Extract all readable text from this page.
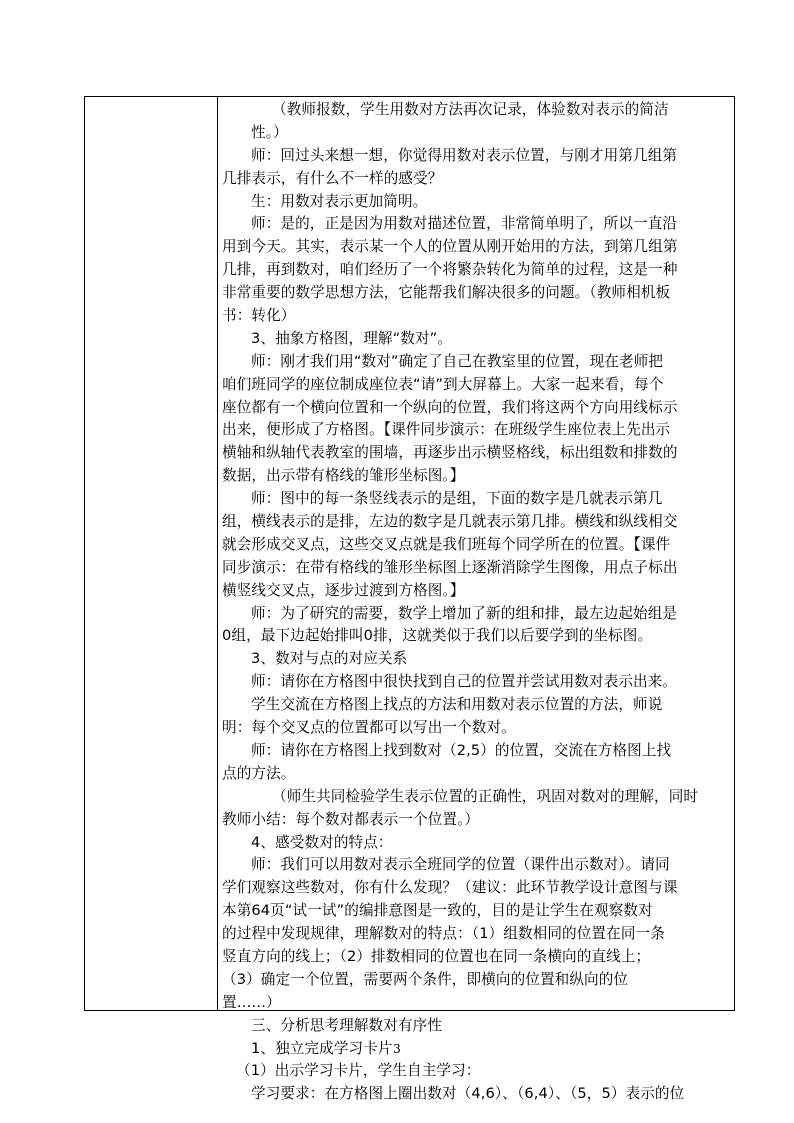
（教师报数，学生用数对方法再次记录，体验数对表示的简洁
性。）
师：回过头来想一想，你觉得用数对表示位置，与刚才用第几组第
几排表示，有什么不一样的感受？
生：用数对表示更加简明。
师：是的，正是因为用数对描述位置，非常简单明了，所以一直沿
用到今天。其实，表示某一个人的位置从刚开始用的方法，到第几组第
几排，再到数对，咱们经历了一个将繁杂转化为简单的过程，这是一种
非常重要的数学思想方法，它能帮我们解决很多的问题。（教师相机板
书：转化）
3、抽象方格图，理解“数对”。
师：刚才我们用“数对”确定了自己在教室里的位置，现在老师把
咱们班同学的座位制成座位表“请”到大屏幕上。大家一起来看，每个
座位都有一个横向位置和一个纵向的位置，我们将这两个方向用线标示
出来，便形成了方格图。【课件同步演示：在班级学生座位表上先出示
横轴和纵轴代表教室的围墙，再逐步出示横竖格线，标出组数和排数的
数据，出示带有格线的雏形坐标图。】
师：图中的每一条竖线表示的是组，下面的数字是几就表示第几
组，横线表示的是排，左边的数字是几就表示第几排。横线和纵线相交
就会形成交叉点，这些交叉点就是我们班每个同学所在的位置。【课件
同步演示：在带有格线的雏形坐标图上逐渐消除学生图像，用点子标出
横竖线交叉点，逐步过渡到方格图。】
师：为了研究的需要，数学上增加了新的组和排，最左边起始组是
0组，最下边起始排叫0排，这就类似于我们以后要学到的坐标图。
3、数对与点的对应关系
师：请你在方格图中很快找到自己的位置并尝试用数对表示出来。
学生交流在方格图上找点的方法和用数对表示位置的方法，师说
明：每个交叉点的位置都可以写出一个数对。
师：请你在方格图上找到数对（2,5）的位置，交流在方格图上找
点的方法。
（师生共同检验学生表示位置的正确性，巩固对数对的理解，同时
教师小结：每个数对都表示一个位置。）
4、感受数对的特点：
师：我们可以用数对表示全班同学的位置（课件出示数对）。请同
学们观察这些数对，你有什么发现？（建议：此环节教学设计意图与课
本第64页“试一试”的编排意图是一致的，目的是让学生在观察数对
的过程中发现规律，理解数对的特点：（1）组数相同的位置在同一条
竖直方向的线上；（2）排数相同的位置也在同一条横向的直线上；
（3）确定一个位置，需要两个条件，即横向的位置和纵向的位
置……）
三、分析思考理解数对有序性
1、独立完成学习卡片
（1）出示学习卡片，学生自主学习：
学习要求：在方格图上圈出数对（4,6）、（6,4）、（5，5）表示的位
3
